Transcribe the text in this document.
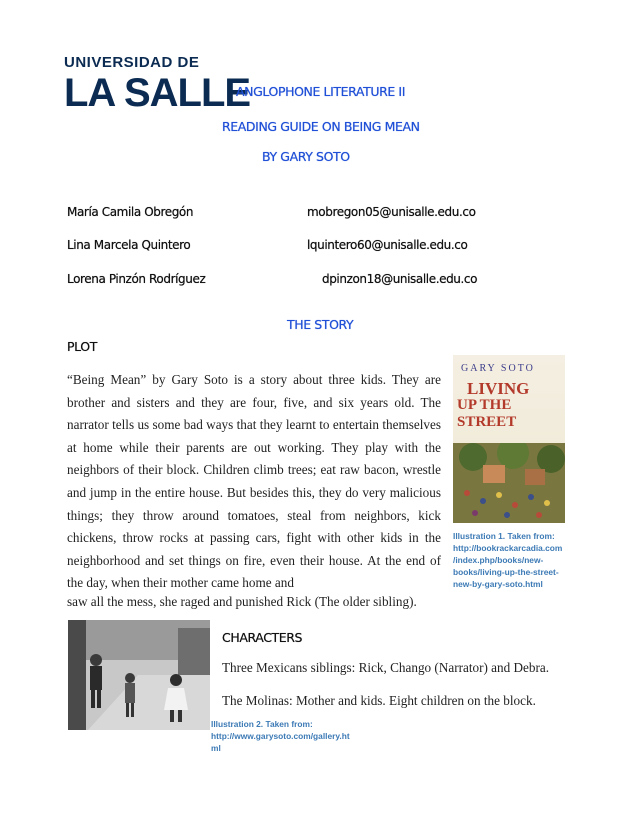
UNIVERSIDAD DE
LA SALLE
ANGLOPHONE LITERATURE II
READING GUIDE ON BEING MEAN
BY GARY SOTO
María Camila Obregón	mobregon05@unisalle.edu.co
Lina Marcela Quintero	lquintero60@unisalle.edu.co
Lorena Pinzón Rodríguez	dpinzon18@unisalle.edu.co
THE STORY
PLOT
“Being Mean” by Gary Soto is a story about three kids. They are brother and sisters and they are four, five, and six years old. The narrator tells us some bad ways that they learnt to entertain themselves at home while their parents are out working. They play with the neighbors of their block. Children climb trees; eat raw bacon, wrestle and jump in the entire house. But besides this, they do very malicious things; they throw around tomatoes, steal from neighbors, kick chickens, throw rocks at passing cars, fight with other kids in the neighborhood and set things on fire, even their house. At the end of the day, when their mother came home and
saw all the mess, she raged and punished Rick (The older sibling).
GARY SOTO
LIVING
UP THE STREET
Illustration 1. Taken from:
http://bookrackarcadia.com
/index.php/books/new-
books/living-up-the-street-
new-by-gary-soto.html
CHARACTERS
Three Mexicans siblings: Rick, Chango (Narrator) and Debra.
The Molinas: Mother and kids. Eight children on the block.
Illustration 2. Taken from:
http://www.garysoto.com/gallery.ht
ml
